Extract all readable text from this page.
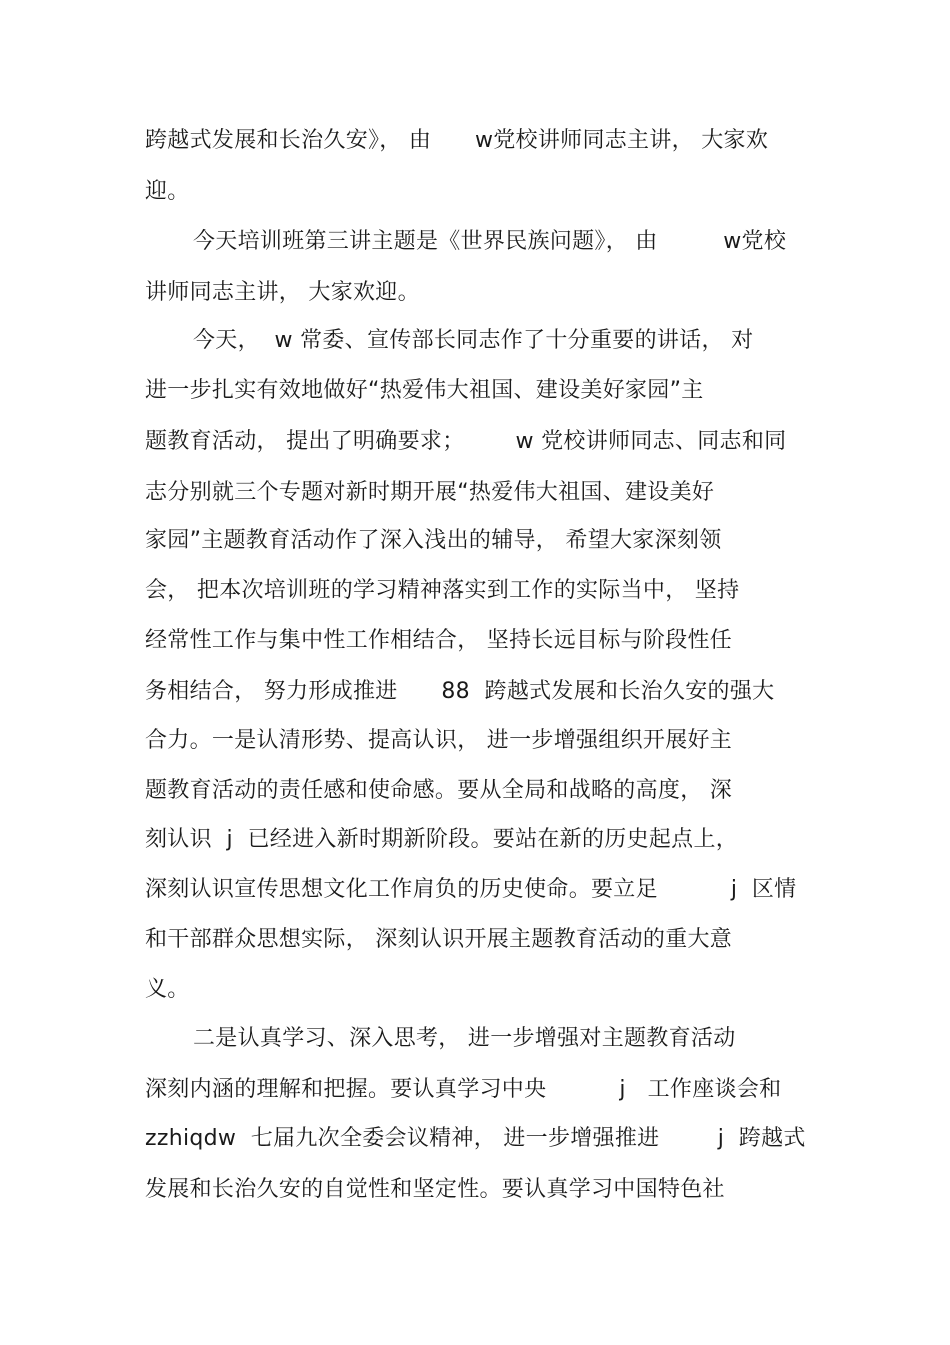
跨越式发展和长治久安》， 由      w党校讲师同志主讲， 大家欢
迎。
今天培训班第三讲主题是《世界民族问题》， 由         w党校
讲师同志主讲， 大家欢迎。
今天，  w 常委、宣传部长同志作了十分重要的讲话， 对
进一步扎实有效地做好“热爱伟大祖国、建设美好家园”主
题教育活动， 提出了明确要求；       w 党校讲师同志、同志和同
志分别就三个专题对新时期开展“热爱伟大祖国、建设美好
家园”主题教育活动作了深入浅出的辅导， 希望大家深刻领
会， 把本次培训班的学习精神落实到工作的实际当中， 坚持
经常性工作与集中性工作相结合， 坚持长远目标与阶段性任
务相结合， 努力形成推进      88  跨越式发展和长治久安的强大
合力。一是认清形势、提高认识， 进一步增强组织开展好主
题教育活动的责任感和使命感。要从全局和战略的高度， 深
刻认识  j  已经进入新时期新阶段。要站在新的历史起点上，
深刻认识宣传思想文化工作肩负的历史使命。要立足          j  区情
和干部群众思想实际， 深刻认识开展主题教育活动的重大意
义。
二是认真学习、深入思考， 进一步增强对主题教育活动
深刻内涵的理解和把握。要认真学习中央          j   工作座谈会和
zzhiqdw  七届九次全委会议精神， 进一步增强推进        j  跨越式
发展和长治久安的自觉性和坚定性。要认真学习中国特色社
